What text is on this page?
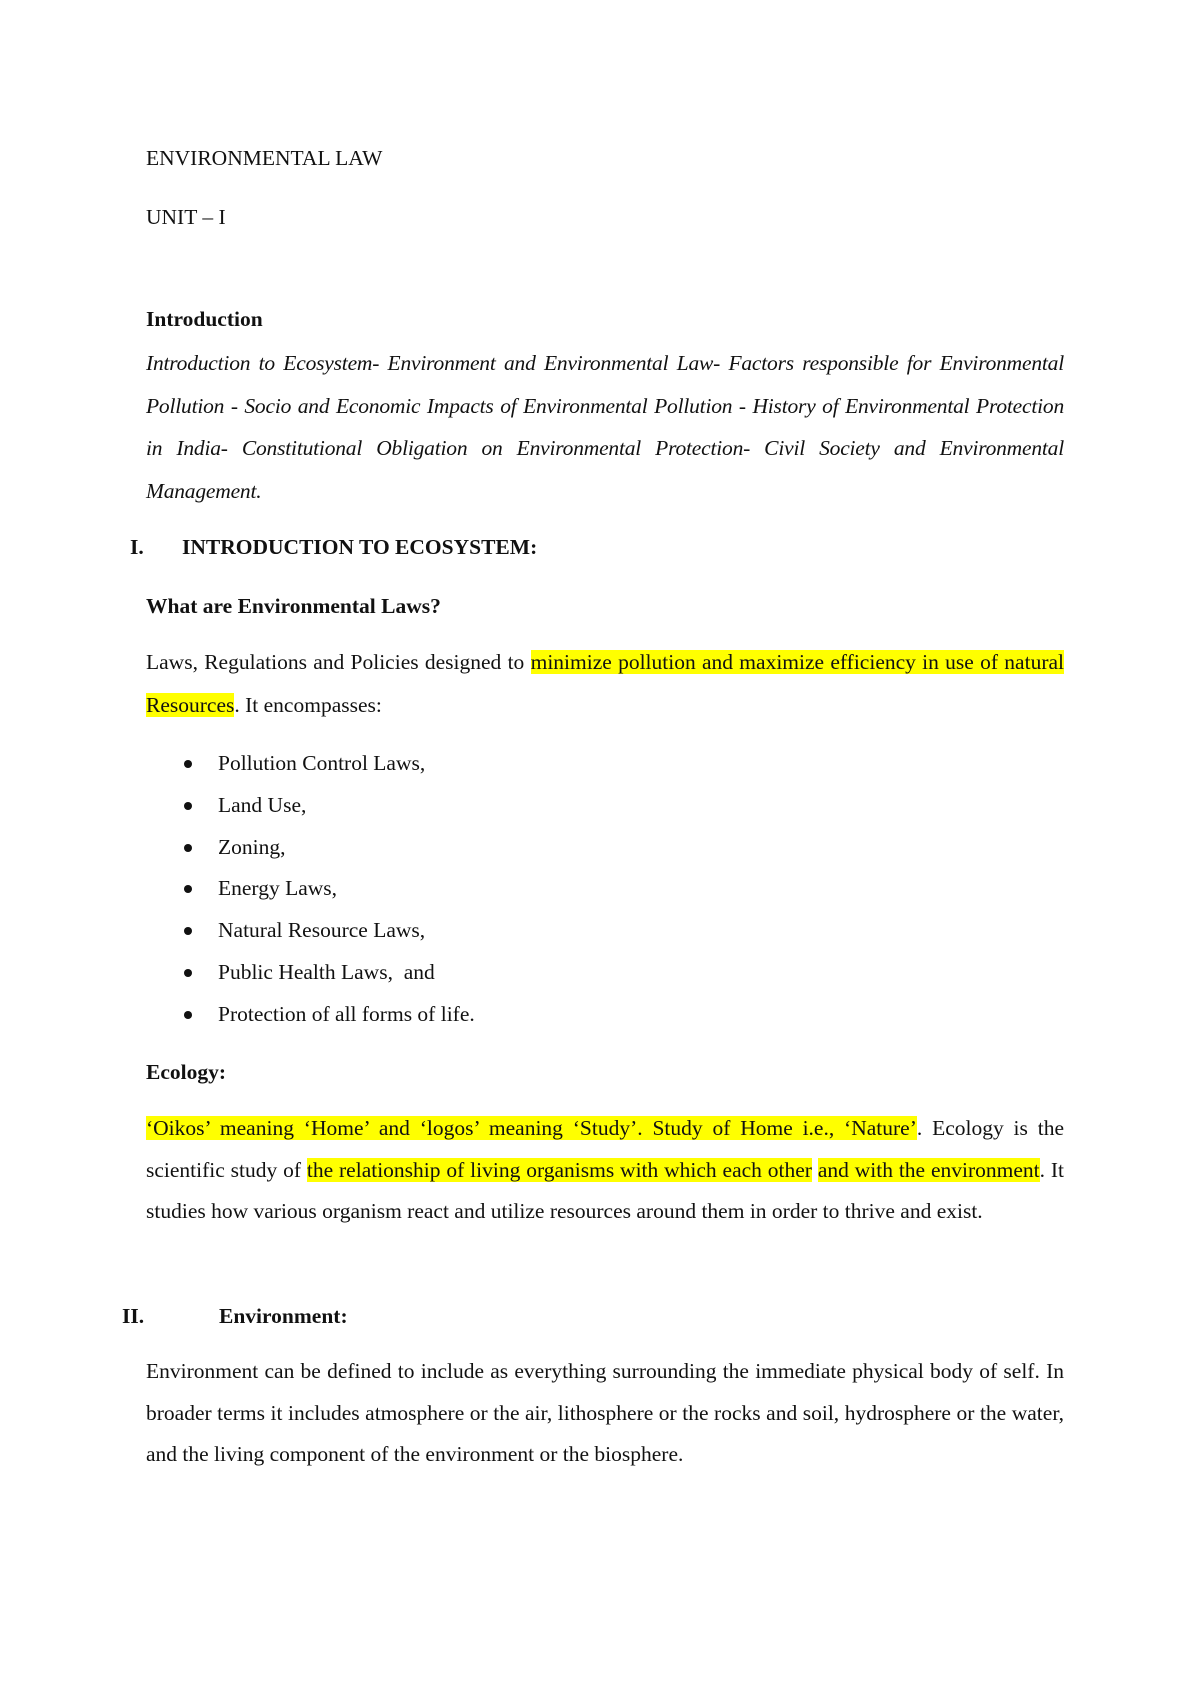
ENVIRONMENTAL LAW

UNIT – I

Introduction

Introduction to Ecosystem- Environment and Environmental Law- Factors responsible for Environmental Pollution - Socio and Economic Impacts of Environmental Pollution - History of Environmental Protection in India- Constitutional Obligation on Environmental Protection- Civil Society and Environmental Management.

I. INTRODUCTION TO ECOSYSTEM:

What are Environmental Laws?

Laws, Regulations and Policies designed to minimize pollution and maximize efficiency in use of natural Resources. It encompasses:

Pollution Control Laws,
Land Use,
Zoning,
Energy Laws,
Natural Resource Laws,
Public Health Laws,  and
Protection of all forms of life.

Ecology:

‘Oikos’ meaning ‘Home’ and ‘logos’ meaning ‘Study’. Study of Home i.e., ‘Nature’. Ecology is the scientific study of the relationship of living organisms with which each other and with the environment. It studies how various organism react and utilize resources around them in order to thrive and exist.

II.	Environment:

Environment can be defined to include as everything surrounding the immediate physical body of self. In broader terms it includes atmosphere or the air, lithosphere or the rocks and soil, hydrosphere or the water, and the living component of the environment or the biosphere.
